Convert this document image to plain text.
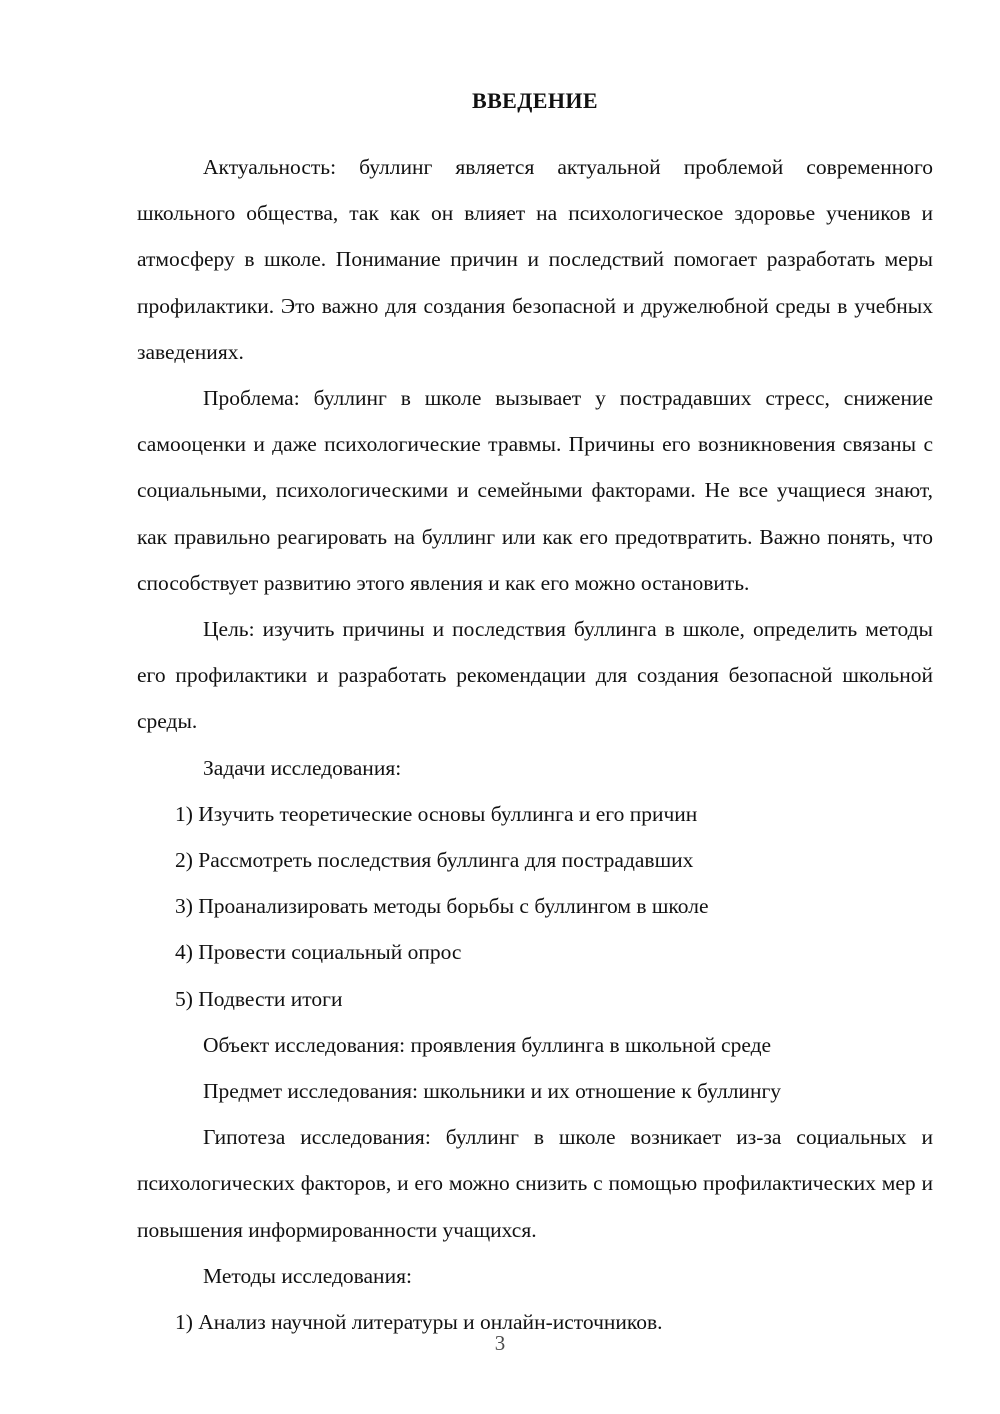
ВВЕДЕНИЕ

Актуальность: буллинг является актуальной проблемой современного школьного общества, так как он влияет на психологическое здоровье учеников и атмосферу в школе. Понимание причин и последствий помогает разработать меры профилактики. Это важно для создания безопасной и дружелюбной среды в учебных заведениях.

Проблема: буллинг в школе вызывает у пострадавших стресс, снижение самооценки и даже психологические травмы. Причины его возникновения связаны с социальными, психологическими и семейными факторами. Не все учащиеся знают, как правильно реагировать на буллинг или как его предотвратить. Важно понять, что способствует развитию этого явления и как его можно остановить.

Цель: изучить причины и последствия буллинга в школе, определить методы его профилактики и разработать рекомендации для создания безопасной школьной среды.

Задачи исследования:

1) Изучить теоретические основы буллинга и его причин
2) Рассмотреть последствия буллинга для пострадавших
3) Проанализировать методы борьбы с буллингом в школе
4) Провести социальный опрос
5) Подвести итоги

Объект исследования: проявления буллинга в школьной среде

Предмет исследования: школьники и их отношение к буллингу

Гипотеза исследования: буллинг в школе возникает из-за социальных и психологических факторов, и его можно снизить с помощью профилактических мер и повышения информированности учащихся.

Методы исследования:

1) Анализ научной литературы и онлайн-источников.
3
